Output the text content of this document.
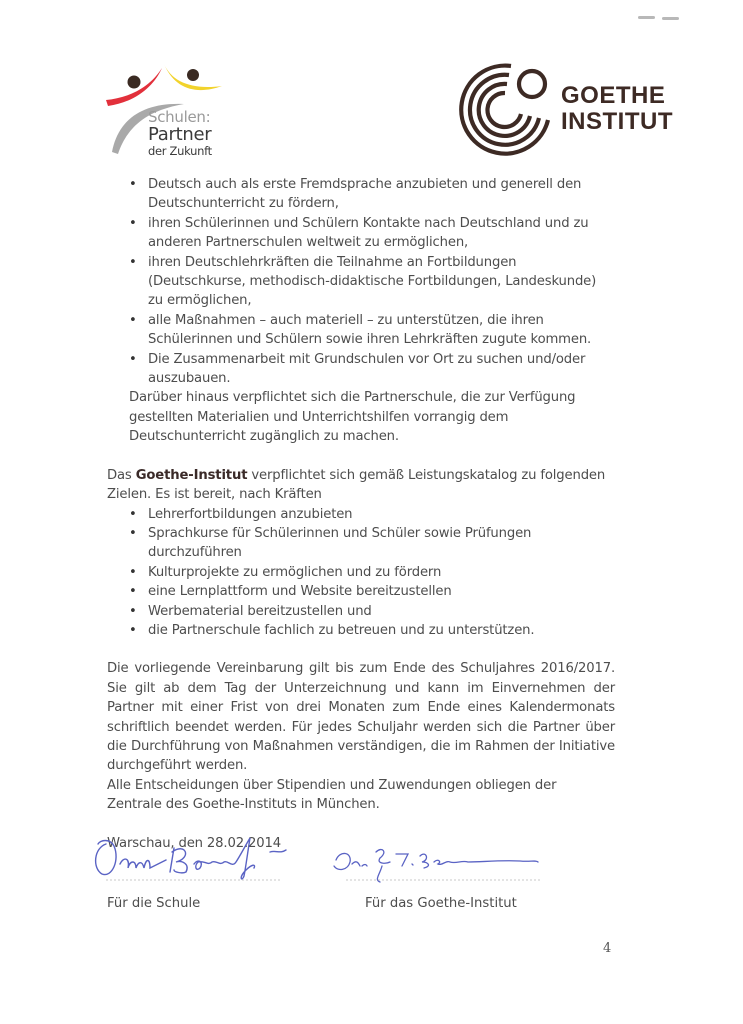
Schulen:
Partner
der Zukunft
GOETHE
INSTITUT
• Deutsch auch als erste Fremdsprache anzubieten und generell den Deutschunterricht zu fördern,
• ihren Schülerinnen und Schülern Kontakte nach Deutschland und zu anderen Partnerschulen weltweit zu ermöglichen,
• ihren Deutschlehrkräften die Teilnahme an Fortbildungen (Deutschkurse, methodisch-didaktische Fortbildungen, Landeskunde) zu ermöglichen,
• alle Maßnahmen – auch materiell – zu unterstützen, die ihren Schülerinnen und Schülern sowie ihren Lehrkräften zugute kommen.
• Die Zusammenarbeit mit Grundschulen vor Ort zu suchen und/oder auszubauen.

Darüber hinaus verpflichtet sich die Partnerschule, die zur Verfügung gestellten Materialien und Unterrichtshilfen vorrangig dem Deutschunterricht zugänglich zu machen.

Das Goethe-Institut verpflichtet sich gemäß Leistungskatalog zu folgenden Zielen. Es ist bereit, nach Kräften

• Lehrerfortbildungen anzubieten
• Sprachkurse für Schülerinnen und Schüler sowie Prüfungen durchzuführen
• Kulturprojekte zu ermöglichen und zu fördern
• eine Lernplattform und Website bereitzustellen
• Werbematerial bereitzustellen und
• die Partnerschule fachlich zu betreuen und zu unterstützen.

Die vorliegende Vereinbarung gilt bis zum Ende des Schuljahres 2016/2017. Sie gilt ab dem Tag der Unterzeichnung und kann im Einvernehmen der Partner mit einer Frist von drei Monaten zum Ende eines Kalendermonats schriftlich beendet werden. Für jedes Schuljahr werden sich die Partner über die Durchführung von Maßnahmen verständigen, die im Rahmen der Initiative durchgeführt werden.

Alle Entscheidungen über Stipendien und Zuwendungen obliegen der Zentrale des Goethe-Instituts in München.

Warschau, den 28.02.2014

Für die Schule	Für das Goethe-Institut
4
